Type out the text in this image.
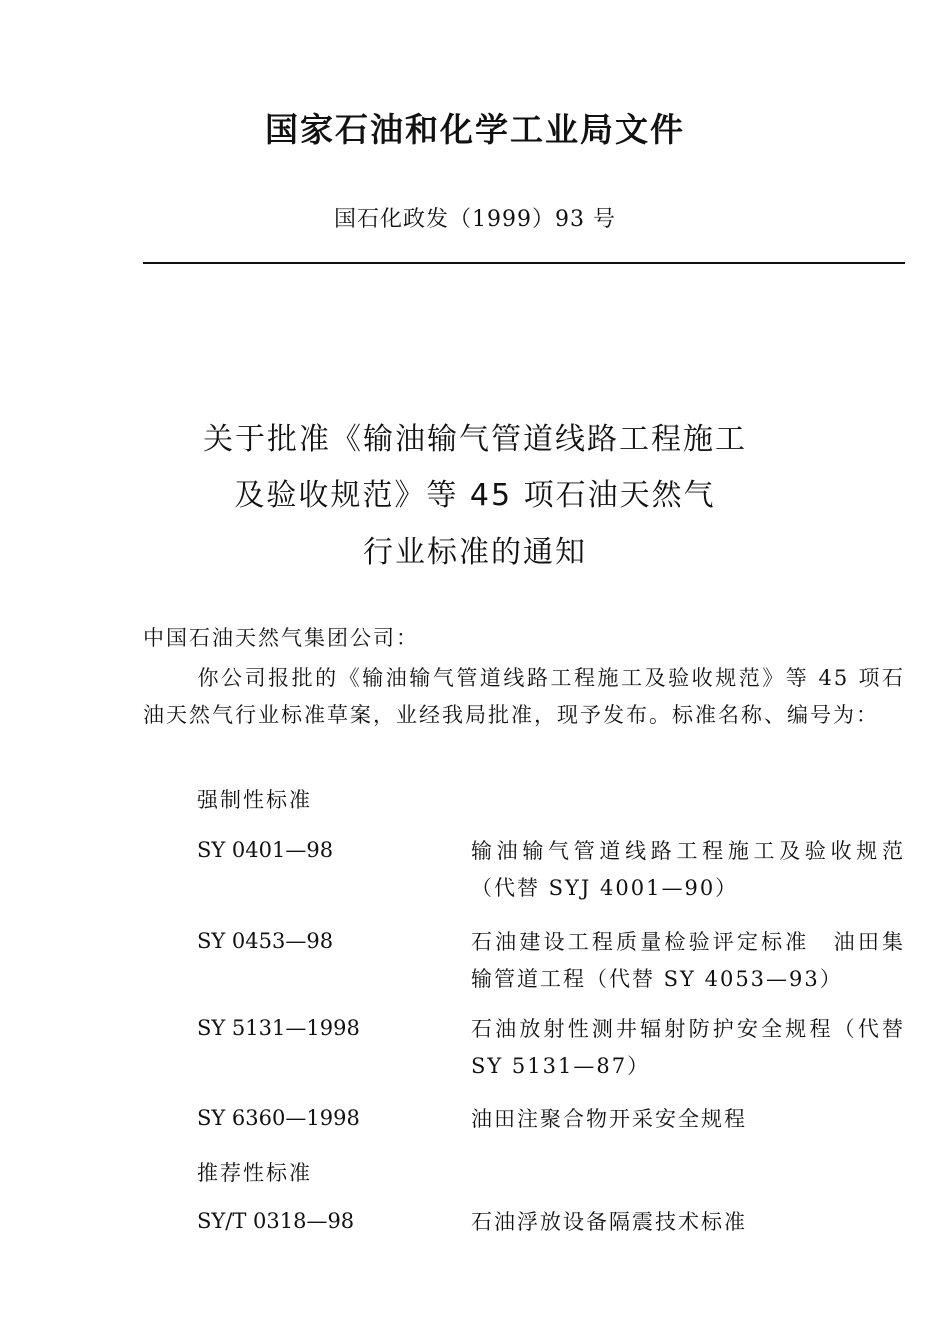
国家石油和化学工业局文件
国石化政发（1999）93 号
关于批准《输油输气管道线路工程施工
及验收规范》等 45 项石油天然气
行业标准的通知
中国石油天然气集团公司：
你公司报批的《输油输气管道线路工程施工及验收规范》等 45 项石油天然气行业标准草案，业经我局批准，现予发布。标准名称、编号为：
强制性标准
SY 0401—98	输油输气管道线路工程施工及验收规范（代替 SYJ 4001—90）
SY 0453—98	石油建设工程质量检验评定标准　油田集输管道工程（代替 SY 4053—93）
SY 5131—1998	石油放射性测井辐射防护安全规程（代替 SY 5131—87）
SY 6360—1998	油田注聚合物开采安全规程
推荐性标准
SY/T 0318—98	石油浮放设备隔震技术标准
